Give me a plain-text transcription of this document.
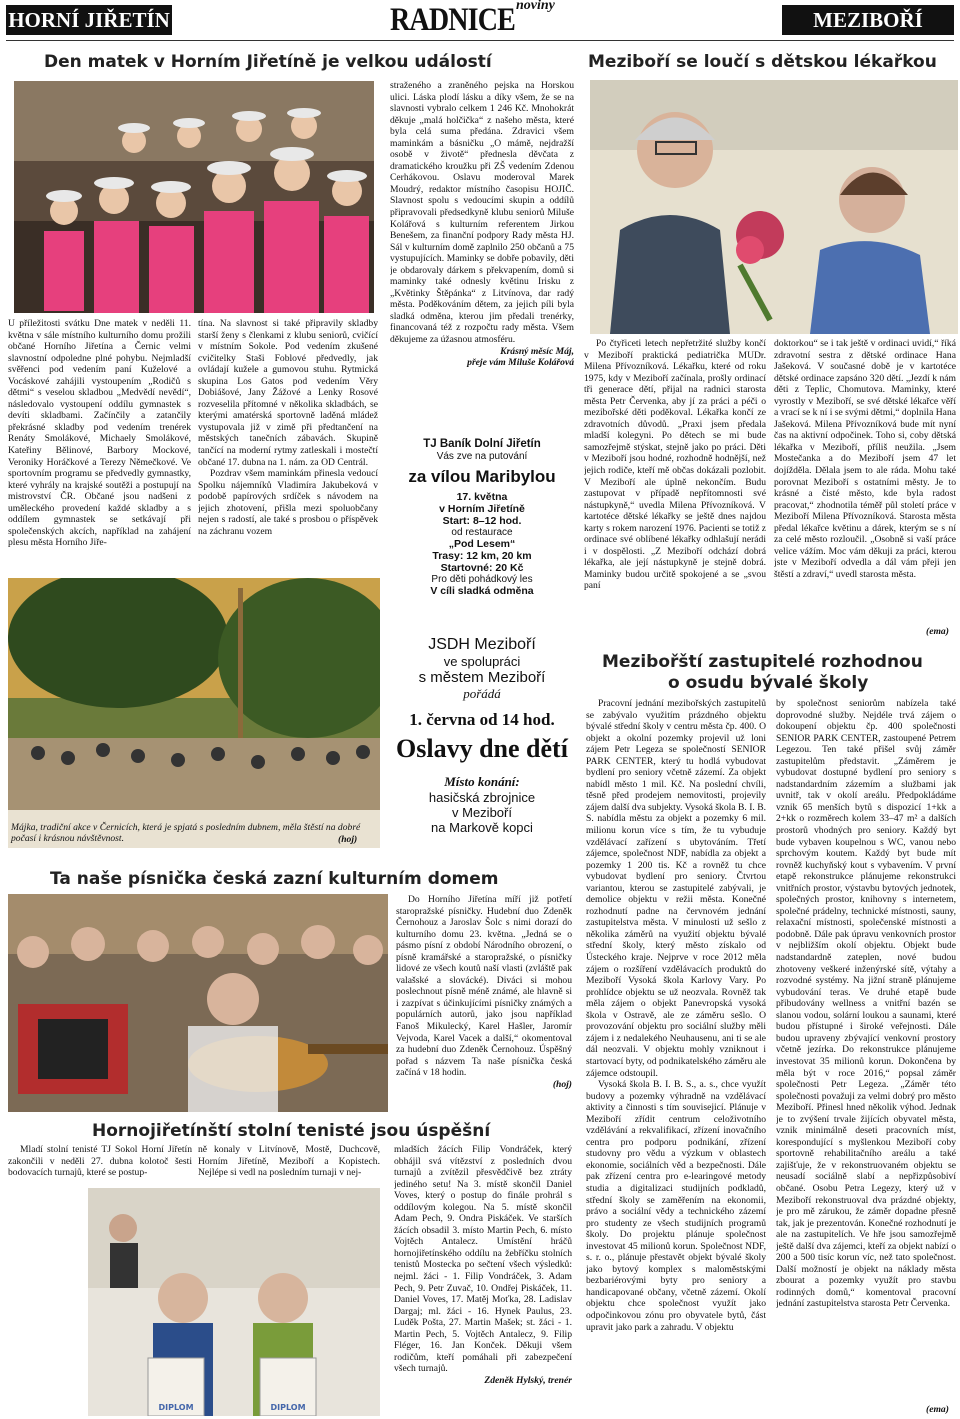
HORNÍ JIŘETÍN	RADNICE noviny
MEZIBOŘÍ
Den matek v Horním Jiřetíně je velkou událostí

U příležitosti svátku Dne matek v neděli 11. května v sále místního kulturního domu prožili občané Horního Jiřetína a Černic velmi slavnostní odpoledne plné pohybu. Nejmladší svěřenci pod vedením paní Kuželové a Vocáskové zahájili vystoupením „Rodičů s dětmi“ s veselou skladbou „Medvědí nevědí“, následovalo vystoupení oddílu gymnastek s devíti skladbami. Začínčily a zatančily překrásné skladby pod vedením trenérek Renáty Smolákové, Michaely Smolákové, Kateřiny Bělinové, Barbory Mockové, Veroniky Horáčkové a Terezy Němečkové. Ve sportovním programu se předvedly gymnastky, které vyhrály na krajské soutěži a postupují na mistrovství ČR. Občané jsou nadšeni z uměleckého provedení každé skladby a s oddílem gymnastek se setkávají při společenských akcích, například na zahájení plesu města Horního Jiře-

tína. Na slavnost si také připravily skladby starší ženy s členkami z klubu seniorů, cvičící v místním Sokole. Pod vedením zkušené cvičitelky Staši Foblové předvedly, jak ovládají kužele a gumovou stuhu. Rytmická skupina Los Gatos pod vedením Věry Dobiášové, Jany Žážové a Lenky Rosové rozveselila přítomné v několika skladbách, se kterými amatérská sportovně laděná mládež vystupovala již v zimě při předtančení na městských tanečních zábavách. Skupině tančící na moderní rytmy zatleskali i mostečtí občané 17. dubna na 1. nám. za OD Centrál.

Pozdrav všem maminkám přinesla vedoucí Spolku nájemníků Vladimíra Jakubeková v podobě papírových srdíček s návodem na jejich zhotovení, přišla mezi spoluobčany nejen s radostí, ale také s prosbou o příspěvek na záchranu vozem

straženého a zraněného pejska na Horskou ulici. Láska plodí lásku a díky všem, že se na slavnosti vybralo celkem 1 246 Kč. Mnohokrát děkuje „malá holčička“ z našeho města, které byla celá suma předána. Zdravici všem maminkám a básničku „O mámě, nejdražší osobě v životě“ přednesla děvčata z dramatického kroužku při ZŠ vedením Zdenou Cerhákovou. Oslavu moderoval Marek Moudrý, redaktor místního časopisu HOJIČ. Slavnost spolu s vedoucími skupin a oddílů připravovali předsedkyně klubu seniorů Miluše Kolářová s kulturním referentem Jirkou Benešem, za finanční podpory Rady města HJ. Sál v kulturním domě zaplnilo 250 občanů a 75 vystupujících. Maminky se dobře pobavily, děti je obdarovaly dárkem s překvapením, domů si maminky také odnesly květinu Irisku z „Květinky Štěpánka“ z Litvínova, dar radý města. Poděkováním dětem, za jejich píli byla sladká odměna, kterou jim předali trenérky, financovaná též z rozpočtu rady města. Všem děkujeme za úžasnou atmosféru.

Krásný měsíc Máj,
přeje vám Miluše Kolářová
Májka, tradiční akce v Černicích, která je spjatá s posledním dubnem, měla štěstí na dobré počasí i krásnou návštěvnost.	(hoj)
TJ Baník Dolní Jiřetín
Vás zve na putování
za vílou Maribylou
17. května
v Horním Jiřetíně
Start: 8–12 hod.
od restaurace
„Pod Lesem“
Trasy: 12 km, 20 km
Startovné: 20 Kč
Pro děti pohádkový les
V cíli sladká odměna
JSDH Meziboří
ve spolupráci
s městem Meziboří
pořádá
1. června od 14 hod.
Oslavy dne dětí
Místo konání:
hasičská zbrojnice
v Meziboří
na Markově kopci
Meziboří se loučí s dětskou lékařkou

Po čtyřiceti letech nepřetržité služby končí v Meziboří praktická pediatrička MUDr. Milena Přívozníková. Lékařku, které od roku 1975, kdy v Meziboří začínala, prošly ordinací tři generace dětí, přijal na radnici starosta města Petr Červenka, aby jí za práci a péči o mezibořské děti poděkoval. Lékařka končí ze zdravotních důvodů. „Praxi jsem předala mladší kolegyni. Po dětech se mi bude samozřejmě stýskat, stejně jako po práci. Děti v Meziboří jsou hodné, rozhodně hodnější, než jejich rodiče, kteří mě občas dokázali pozlobit. V Meziboří ale úplně nekončím. Budu zastupovat v případě nepřítomnosti své nástupkyně,“ uvedla Milena Přívozníková. V kartotéce dětské lékařky se ještě dnes najdou karty s rokem narození 1976. Pacienti se totiž z ordinace své oblíbené lékařky odhlašují nerádi i v dospělosti. „Z Meziboří odchází dobrá lékařka, ale její nástupkyně je stejně dobrá. Maminky budou určitě spokojené a se „svou paní

doktorkou“ se i tak ještě v ordinaci uvidí,“ říká zdravotní sestra z dětské ordinace Hana Jašeková. V současné době je v kartotéce dětské ordinace zapsáno 320 dětí. „Jezdí k nám děti z Teplic, Chomutova. Maminky, které vyrostly v Meziboří, se své dětské lékařce věří a vrací se k ní i se svými dětmi,“ doplnila Hana Jašeková. Milena Přívozníková bude mít nyní čas na aktivní odpočinek. Toho si, coby dětská lékařka v Meziboří, příliš neužila. „Jsem Mostečanka a do Meziboří jsem 47 let dojížděla. Dělala jsem to ale ráda. Mohu také porovnat Meziboří s ostatními městy. Je to krásné a čisté město, kde byla radost pracovat,“ zhodnotila téměř půl století práce v Meziboří Milena Přívozníková. Starosta města předal lékařce květinu a dárek, kterým se s ní za celé město rozloučil. „Osobně si vaší práce velice vážím. Moc vám děkuji za práci, kterou jste v Meziboří odvedla a dál vám přeji jen štěstí a zdraví,“ uvedl starosta města.

(ema)
Mezibořští zastupitelé rozhodnou
o osudu bývalé školy

Pracovní jednání mezibořských zastupitelů se zabývalo využitím prázdného objektu bývalé střední školy v centru města čp. 400. O objekt a okolní pozemky projevil už loni zájem Petr Legeza se společností SENIOR PARK CENTER, který tu hodlá vybudovat bydlení pro seniory včetně zázemí. Za objekt nabídl město 1 mil. Kč. Na poslední chvíli, těsně před prodejem nemovitosti, projevily zájem další dva subjekty. Vysoká škola B. I. B. S. nabídla městu za objekt a pozemky 6 mil. milionu korun více s tím, že tu vybuduje vzdělávací zařízení s ubytováním. Třetí zájemce, společnost NDF, nabídla za objekt a pozemky 1 200 tis. Kč a rovněž tu chce vybudovat bydlení pro seniory. Čtvrtou variantou, kterou se zastupitelé zabývali, je demolice objektu v režii města. Konečné rozhodnutí padne na červnovém jednání zastupitelstva města. V minulosti už sešlo z několika záměrů na využití objektu bývalé střední školy, který město získalo od Ústeckého kraje. Nejprve v roce 2012 měla zájem o rozšíření vzdělávacích produktů do Meziboří Vysoká škola Karlovy Vary. Po prohlídce objektu se už neozvala. Rovněž tak měla zájem o objekt Panevropská vysoká škola v Ostravě, ale ze záměru sešlo. O provozování objektu pro sociální služby měli zájem i z nedalekého Neuhausenu, ani ti se ale dál neozvali. V objektu mohly vzniknout i startovací byty, od podnikatelského záměru ale zájemce odstoupil.

Vysoká škola B. I. B. S., a. s., chce využít budovy a pozemky výhradně na vzdělávací aktivity a činnosti s tím souvisejicí. Plánuje v Meziboří zřídit centrum celoživotního vzdělávání a rekvalifikací, zřízení inovačního centra pro podporu podnikání, zřízení studovny pro vědu a výzkum v oblastech ekonomie, sociálních věd a bezpečnosti. Dále pak zřízení centra pro e-learingové metody studia a digitalizaci studijních podkladů, střední školy se zaměřením na ekonomii, právo a sociální vědy a technického zázemí pro studenty ze všech studijních programů školy. Do projektu plánuje společnost investovat 45 milionů korun. Společnost NDF, s. r. o., plánuje přestavět objekt bývalé školy jako bytový komplex s maloměstskými bezbariérovými byty pro seniory a handicapované občany, včetně zázemí. Okolí objektu chce společnost využít jako odpočinkovou zónu pro obyvatele bytů, část upravit jako park a zahradu. V objektu

by společnost seniorům nabízela také doprovodné služby. Nejdéle trvá zájem o dokoupení objektu čp. 400 společnosti SENIOR PARK CENTER, zastoupené Petrem Legezou. Ten také přišel svůj záměr zastupitelům představit. „Záměrem je vybudovat dostupné bydlení pro seniory s nadstandardním zázemím a službami jak uvnitř, tak v okolí areálu. Předpokládáme vznik 65 menších bytů s dispozicí 1+kk a 2+kk o rozměrech kolem 33–47 m² a dalších prostorů vhodných pro seniory. Každý byt bude vybaven koupelnou s WC, vanou nebo sprchovým koutem. Každý byt bude mít rovněž kuchyňský kout s vybavením. V první etapě rekonstrukce plánujeme rekonstrukci vnitřních prostor, výstavbu bytových jednotek, společných prostor, knihovny s internetem, společné prádelny, technické místnosti, sauny, relaxační místnosti, společenské místnosti a podobně. Dále pak úpravu venkovních prostor v nejbližším okolí objektu. Objekt bude nadstandardně zateplen, nové budou zhotoveny veškeré inženýrské sítě, výtahy a rozvodné systémy. Na jižní straně plánujeme vybudování teras. Ve druhé etapě bude přibudovány wellness a vnitřní bazén se slanou vodou, solární loukou a saunami, které budou přístupné i široké veřejnosti. Dále budou upraveny zbývající venkovní prostory včetně jezírka. Do rekonstrukce plánujeme investovat 35 milionů korun. Dokončena by měla být v roce 2016,“ popsal záměr společnosti Petr Legeza. „Záměr této společnosti považuji za velmi dobrý pro město Meziboří. Přinesl hned několik výhod. Jednak je to zvýšení trvale žijících obyvatel města, vznik minimálně deseti pracovních míst, korespondující s myšlenkou Meziboří coby sportovně rehabilitačního areálu a také zajišťuje, že v rekonstruovaném objektu se neusadí sociálně slabí a nepřizpůsobiví občané. Osobu Petra Legezy, který už v Meziboří rekonstruoval dva prázdné objekty, je pro mě zárukou, že záměr dopadne přesně tak, jak je prezentován. Konečné rozhodnutí je ale na zastupitelích. Ve hře jsou samozřejmě ještě další dva zájemci, kteří za objekt nabízí o 200 a 500 tisíc korun víc, než tato společnost. Další možností je objekt na náklady města zbourat a pozemky využít pro stavbu rodinných domů,“ komentoval pracovní jednání zastupitelstva starosta Petr Červenka.

(ema)
Ta naše písnička česká zazní kulturním domem

Do Horního Jiřetína míří již potřetí staropražské písničky. Hudební duo Zdeněk Černohouz a Jaroslav Šolc s nimi dorazí do kulturního domu 23. května. „Jedná se o pásmo písní z období Národního obrození, o písně kramářské a staropražské, o písničky lidové ze všech koutů naší vlasti (zvláště pak valašské a slovácké). Diváci si mohou poslechnout písně méně známé, ale hlavně si i zazpívat s účinkujícími písničky známých a populárních autorů, jako jsou například Fanoš Mikulecký, Karel Hašler, Jaromír Vejvoda, Karel Vacek a další,“ okomentoval za hudební duo Zdeněk Černohouz. Úspěšný pořad s názvem Ta naše písnička česká začíná v 18 hodin.

(hoj)
Hornojiřetínští stolní tenisté jsou úspěšní

Mladí stolní tenisté TJ Sokol Horní Jiřetín zakončili v neděli 27. dubna kolotoč šesti bodovacích turnajů, které se postup-

ně konaly v Litvínově, Mostě, Duchcově, Horním Jiřetíně, Meziboří a Kopistech. Nejlépe si vedl na posledním turnaji v nej-

mladších žácích Filip Vondráček, který obhájil svá vítězství z posledních dvou turnajů a zvítězil přesvědčivě bez ztráty jediného setu! Na 3. místě skončil Daniel Voves, který o postup do finále prohrál s oddílovým kolegou. Na 5. místě skončil Adam Pech, 9. Ondra Piskáček. Ve starších žácích obsadil 3. místo Martin Pech, 6. místo Vojtěch Antalecz. Umístění hráčů hornojiřetínského oddílu na žebříčku stolních tenistů Mostecka po sečtení všech výsledků: nejml. žáci - 1. Filip Vondráček, 3. Adam Pech, 9. Petr Zuvač, 10. Ondřej Piskáček, 11. Daniel Voves, 17. Matěj Moťka, 28. Ladislav Dargaj; ml. žáci - 16. Hynek Paulus, 23. Luděk Pošta, 27. Martin Mašek; st. žáci - 1. Martin Pech, 5. Vojtěch Antalecz, 9. Filip Fléger, 16. Jan Konček. Děkuji všem rodičům, kteří pomáhali při zabezpečení všech turnajů.

Zdeněk Hylský, trenér
DIPLOM	DIPLOM
